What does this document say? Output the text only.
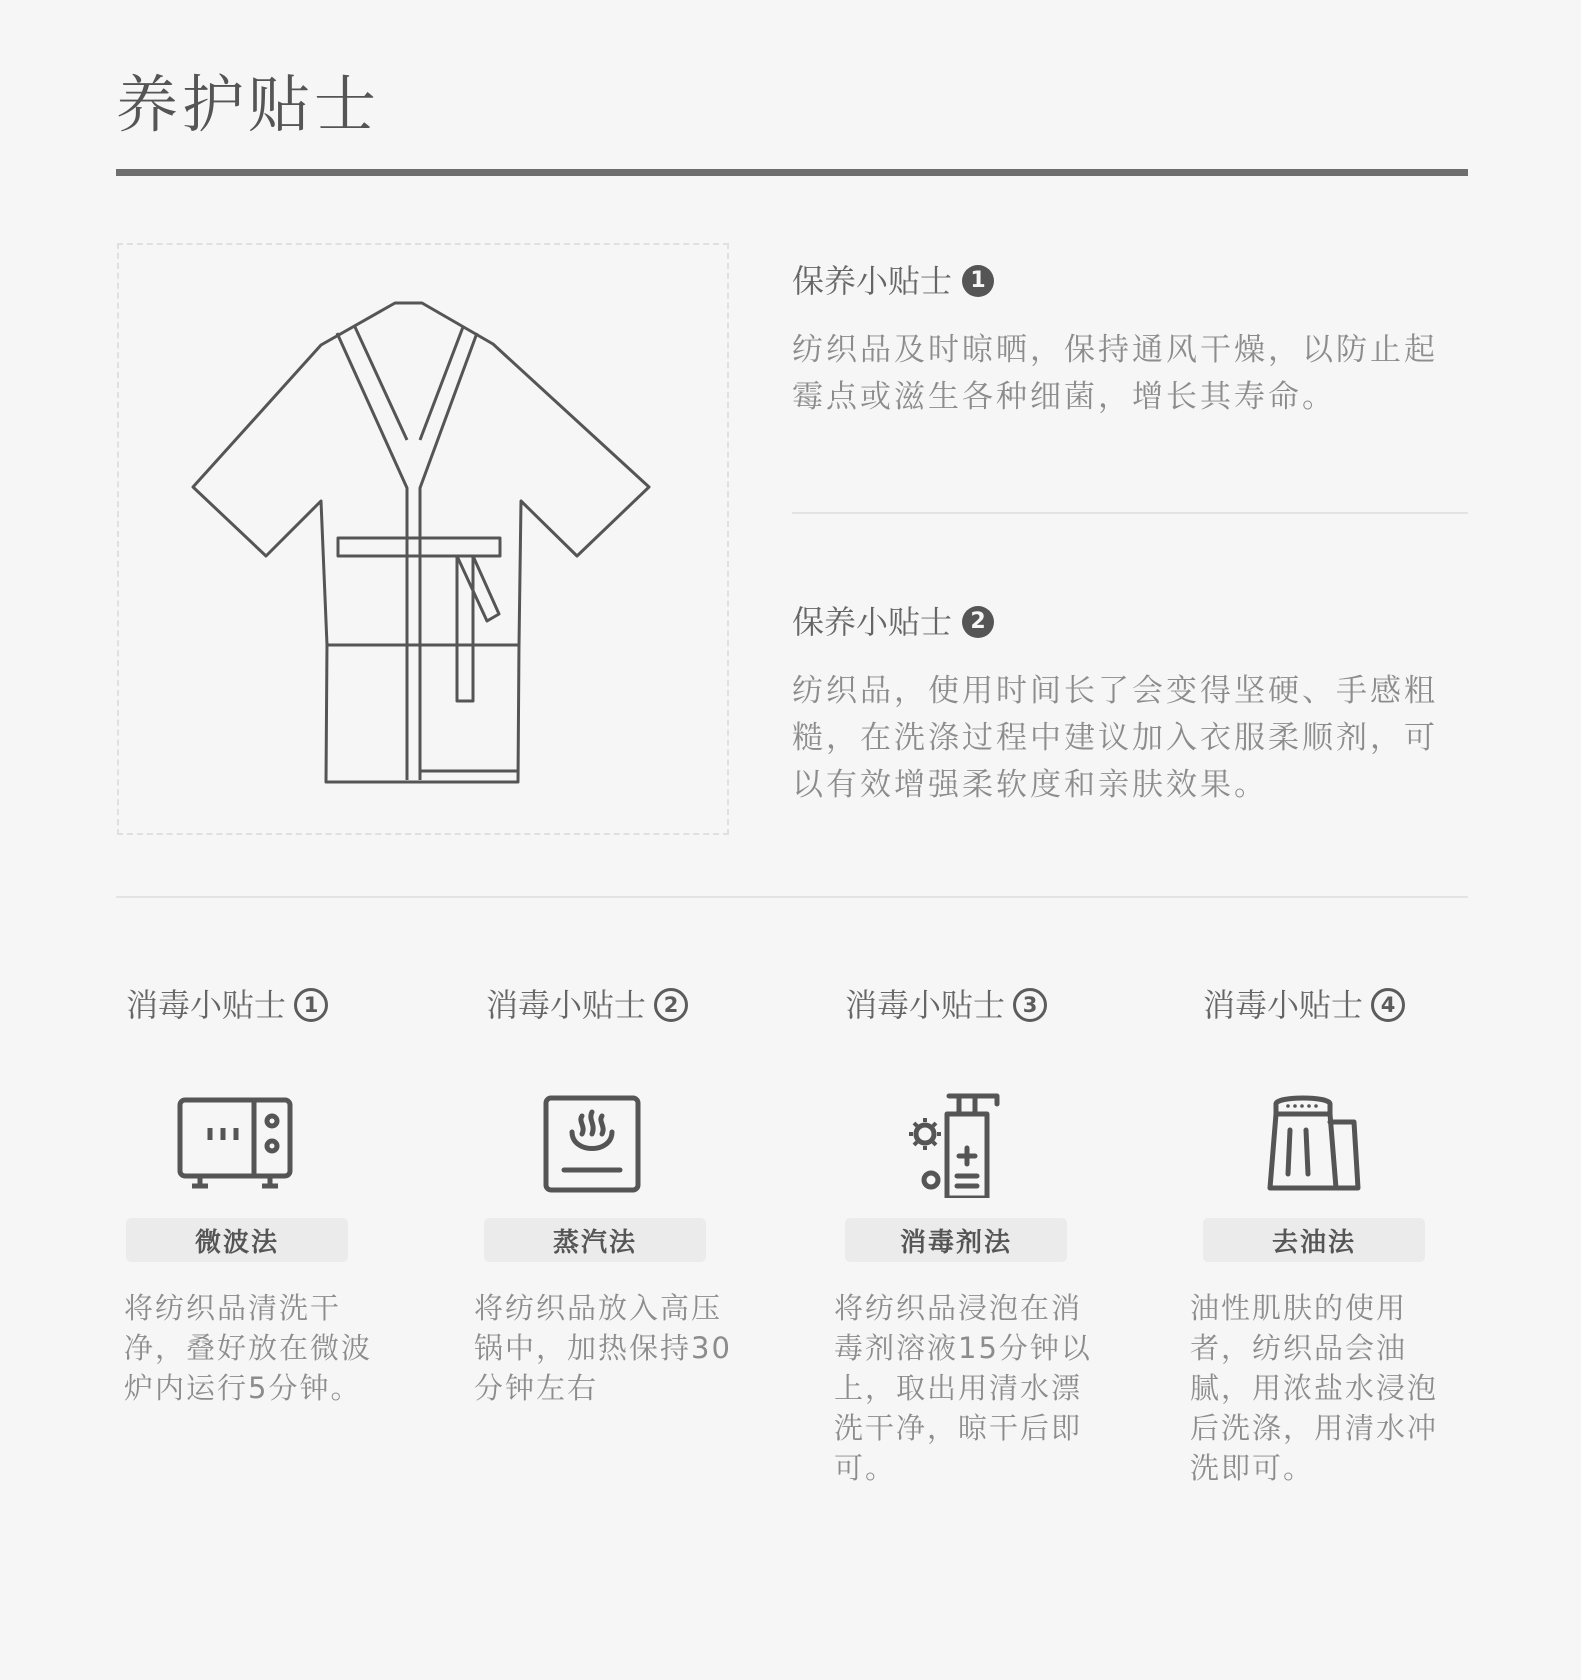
养护贴士
保养小贴士 1
纺织品及时晾晒，保持通风干燥，以防止起霉点或滋生各种细菌，增长其寿命。
保养小贴士 2
纺织品，使用时间长了会变得坚硬、手感粗糙，在洗涤过程中建议加入衣服柔顺剂，可以有效增强柔软度和亲肤效果。
消毒小贴士 1	消毒小贴士 2	消毒小贴士 3	消毒小贴士 4
微波法	蒸汽法	消毒剂法	去油法
将纺织品清洗干净，叠好放在微波炉内运行5分钟。
将纺织品放入高压锅中，加热保持30分钟左右
将纺织品浸泡在消毒剂溶液15分钟以上，取出用清水漂洗干净，晾干后即可。
油性肌肤的使用者，纺织品会油腻，用浓盐水浸泡后洗涤，用清水冲洗即可。
